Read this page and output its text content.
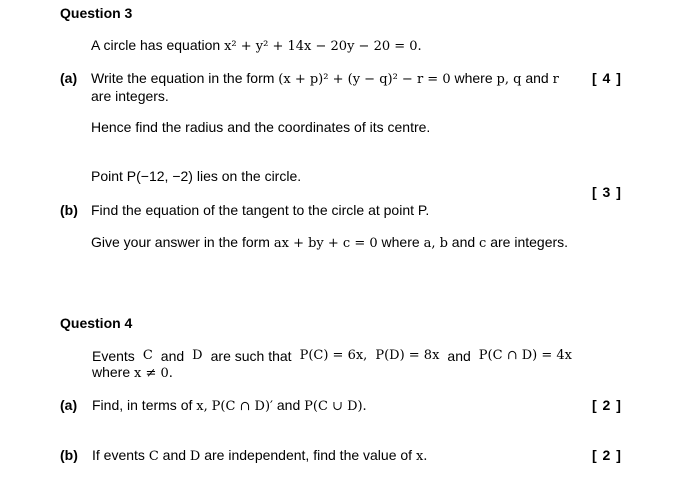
Question 3
A circle has equation x² + y² + 14x − 20y − 20 = 0.
(a) Write the equation in the form (x + p)² + (y − q)² − r = 0 where p, q and r [ 4 ]
are integers.
Hence find the radius and the coordinates of its centre.
Point P(−12, −2) lies on the circle.
[ 3 ]
(b) Find the equation of the tangent to the circle at point P.
Give your answer in the form ax + by + c = 0 where a, b and c are integers.
Question 4
Events C and D are such that P(C) = 6x, P(D) = 8x and P(C ∩ D) = 4x
where x ≠ 0.
(a) Find, in terms of x, P(C ∩ D)′ and P(C ∪ D).	[ 2 ]
(b) If events C and D are independent, find the value of x.	[ 2 ]
